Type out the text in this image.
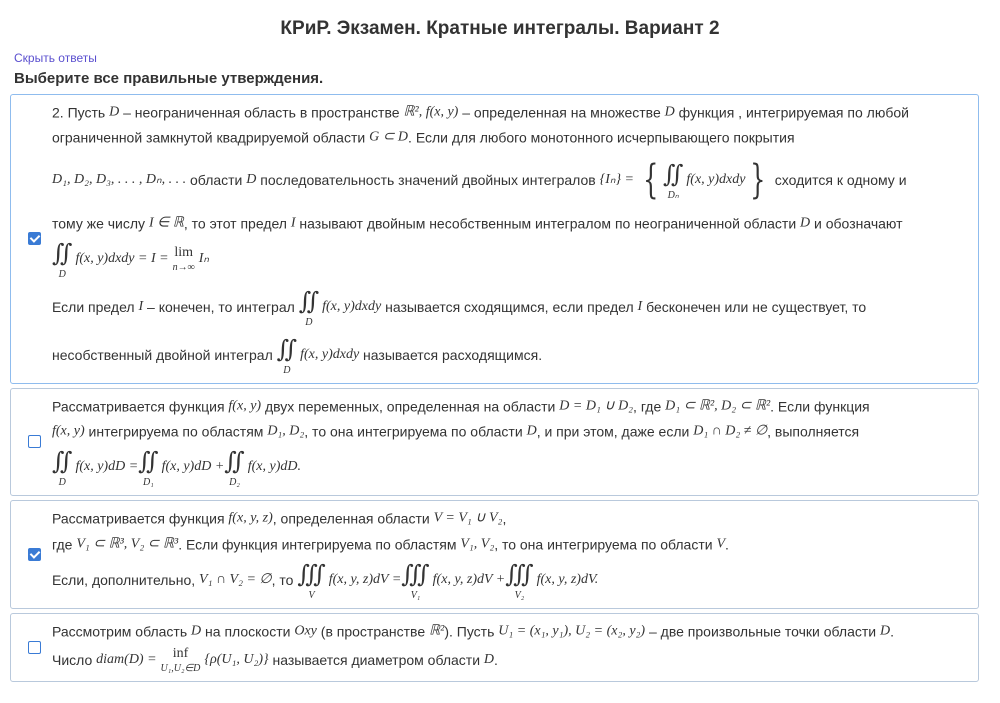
КРиР. Экзамен. Кратные интегралы. Вариант 2
Скрыть ответы
Выберите все правильные утверждения.
2. Пусть D – неограниченная область в пространстве ℝ², f(x, y) – определенная на множестве D функция , интегрируемая по любой
ограниченной замкнутой квадрируемой области G ⊂ D. Если для любого монотонного исчерпывающего покрытия
D₁, D₂, D₃, . . . , Dₙ, . . . области D последовательность значений двойных интегралов {Iₙ} = { ∬
Dₙ
f(x, y)dxdy } сходится к одному и
тому же числу I ∈ ℝ, то этот предел I называют двойным несобственным интегралом по неограниченной области D и обозначают
∬
D
f(x, y)dxdy = I = lim
n→∞
Iₙ
Если предел I – конечен, то интеграл ∬
D
f(x, y)dxdy называется сходящимся, если предел I бесконечен или не существует, то
несобственный двойной интеграл ∬
D
f(x, y)dxdy называется расходящимся.
Рассматривается функция f(x, y) двух переменных, определенная на области D = D₁ ∪ D₂, где D₁ ⊂ ℝ², D₂ ⊂ ℝ². Если функция
f(x, y) интегрируема по областям D₁, D₂, то она интегрируема по области D, и при этом, даже если D₁ ∩ D₂ ≠ ∅, выполняется
∬
D
f(x, y)dD = ∬
D₁
f(x, y)dD + ∬
D₂
f(x, y)dD.
Рассматривается функция f(x, y, z), определенная области V = V₁ ∪ V₂,
где V₁ ⊂ ℝ³, V₂ ⊂ ℝ³. Если функция интегрируема по областям V₁, V₂, то она интегрируема по области V.
Если, дополнительно, V₁ ∩ V₂ = ∅, то ∭
V
f(x, y, z)dV = ∭
V₁
f(x, y, z)dV + ∭
V₂
f(x, y, z)dV.
Рассмотрим область D на плоскости Oxy (в пространстве ℝ²). Пусть U₁ = (x₁, y₁), U₂ = (x₂, y₂) – две произвольные точки области D.
Число diam(D) =	inf
U₁,U₂∈D
{ρ(U₁, U₂)} называется диаметром области D.
